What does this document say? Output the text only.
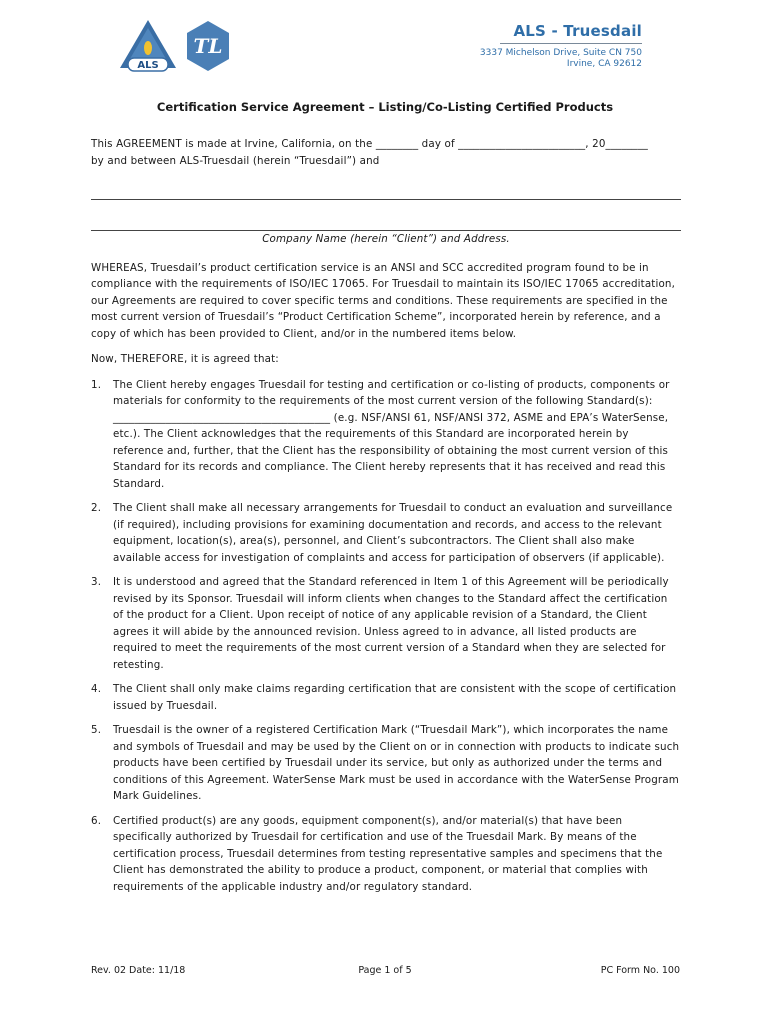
ALS
TL
ALS - Truesdail
3337 Michelson Drive, Suite CN 750
Irvine, CA 92612
Certification Service Agreement – Listing/Co-Listing Certified Products

This AGREEMENT is made at Irvine, California, on the ________ day of ________________________, 20________

by and between ALS-Truesdail (herein “Truesdail”) and

Company Name (herein “Client”) and Address.

WHEREAS, Truesdail’s product certification service is an ANSI and SCC accredited program found to be in compliance with the requirements of ISO/IEC 17065. For Truesdail to maintain its ISO/IEC 17065 accreditation, our Agreements are required to cover specific terms and conditions. These requirements are specified in the most current version of Truesdail’s “Product Certification Scheme”, incorporated herein by reference, and a copy of which has been provided to Client, and/or in the numbered items below.

Now, THEREFORE, it is agreed that:

1. The Client hereby engages Truesdail for testing and certification or co-listing of products, components or materials for conformity to the requirements of the most current version of the following Standard(s): _________________________________________ (e.g. NSF/ANSI 61, NSF/ANSI 372, ASME and EPA’s WaterSense, etc.). The Client acknowledges that the requirements of this Standard are incorporated herein by reference and, further, that the Client has the responsibility of obtaining the most current version of this Standard for its records and compliance. The Client hereby represents that it has received and read this Standard.
2. The Client shall make all necessary arrangements for Truesdail to conduct an evaluation and surveillance (if required), including provisions for examining documentation and records, and access to the relevant equipment, location(s), area(s), personnel, and Client’s subcontractors. The Client shall also make available access for investigation of complaints and access for participation of observers (if applicable).
3. It is understood and agreed that the Standard referenced in Item 1 of this Agreement will be periodically revised by its Sponsor. Truesdail will inform clients when changes to the Standard affect the certification of the product for a Client. Upon receipt of notice of any applicable revision of a Standard, the Client agrees it will abide by the announced revision. Unless agreed to in advance, all listed products are required to meet the requirements of the most current version of a Standard when they are selected for retesting.
4. The Client shall only make claims regarding certification that are consistent with the scope of certification issued by Truesdail.
5. Truesdail is the owner of a registered Certification Mark (“Truesdail Mark”), which incorporates the name and symbols of Truesdail and may be used by the Client on or in connection with products to indicate such products have been certified by Truesdail under its service, but only as authorized under the terms and conditions of this Agreement. WaterSense Mark must be used in accordance with the WaterSense Program Mark Guidelines.
6. Certified product(s) are any goods, equipment component(s), and/or material(s) that have been specifically authorized by Truesdail for certification and use of the Truesdail Mark. By means of the certification process, Truesdail determines from testing representative samples and specimens that the Client has demonstrated the ability to produce a product, component, or material that complies with requirements of the applicable industry and/or regulatory standard.
Rev. 02 Date: 11/18	Page 1 of 5	PC Form No. 100
